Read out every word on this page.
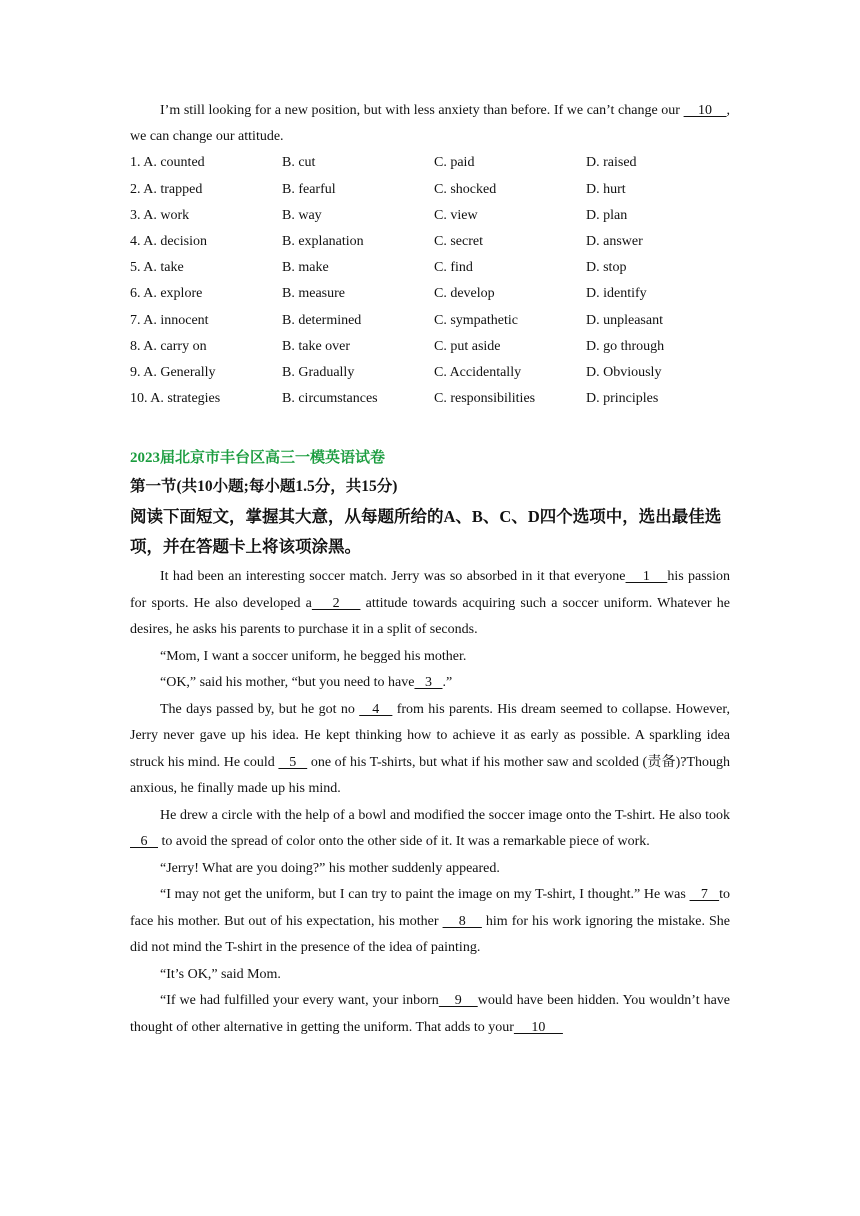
I’m still looking for a new position, but with less anxiety than before. If we can’t change our     10    , we can change our attitude.

1. A. counted	B. cut	C. paid	D. raised
2. A. trapped	B. fearful	C. shocked	D. hurt
3. A. work	B. way	C. view	D. plan
4. A. decision	B. explanation	C. secret	D. answer
5. A. take	B. make	C. find	D. stop
6. A. explore	B. measure	C. develop	D. identify
7. A. innocent	B. determined	C. sympathetic	D. unpleasant
8. A. carry on	B. take over	C. put aside	D. go through
9. A. Generally	B. Gradually	C. Accidentally	D. Obviously
10. A. strategies	B. circumstances	C. responsibilities	D. principles
2023届北京市丰台区高三一模英语试卷
第一节(共10小题;每小题1.5分，共15分)
阅读下面短文，掌握其大意，从每题所给的A、B、C、D四个选项中，选出最佳选项，并在答题卡上将该项涂黑。

It had been an interesting soccer match. Jerry was so absorbed in it that everyone    1    his passion for sports. He also developed a    2     attitude towards acquiring such a soccer uniform. Whatever he desires, he asks his parents to purchase it in a split of seconds.

“Mom, I want a soccer uniform, he begged his mother.

“OK,” said his mother, “but you need to have   3   .”

The days passed by, but he got no    4    from his parents. His dream seemed to collapse. However, Jerry never gave up his idea. He kept thinking how to achieve it as early as possible. A sparkling idea struck his mind. He could    5    one of his T-shirts, but what if his mother saw and scolded (责备)?Though anxious, he finally made up his mind.

He drew a circle with the help of a bowl and modified the soccer image onto the T-shirt. He also took   6    to avoid the spread of color onto the other side of it. It was a remarkable piece of work.

“Jerry! What are you doing?” his mother suddenly appeared.

“I may not get the uniform, but I can try to paint the image on my T-shirt, I thought.” He was    7   to face his mother. But out of his expectation, his mother     8     him for his work ignoring the mistake. She did not mind the T-shirt in the presence of the idea of painting.

“It’s OK,” said Mom.

“If we had fulfilled your every want, your inborn    9    would have been hidden. You wouldn’t have thought of other alternative in getting the uniform. That adds to your     10
